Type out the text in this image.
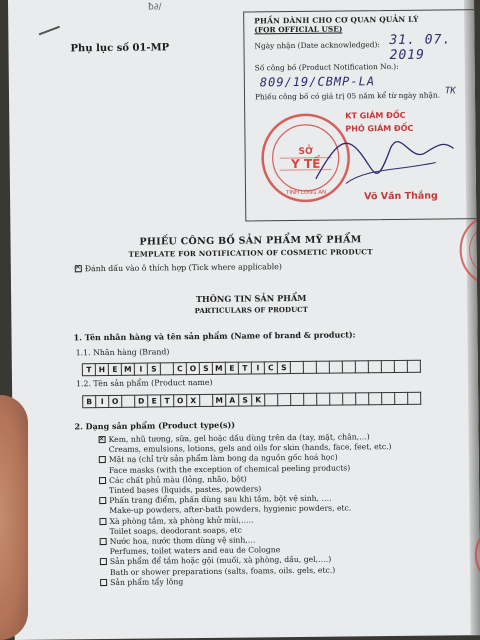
ƀ∂/
Phụ lục số 01-MP
PHẦN DÀNH CHO CƠ QUAN QUẢN LÝ
(FOR OFFICIAL USE)
Ngày nhận (Date acknowledged): 31. 07. 2019
Số công bố (Product Notification No.):
809/19/CBMP-LA
Phiếu công bố có giá trị 05 năm kể từ ngày nhận. TK
SỞ
Y TẾ
TỈNH LONG AN
KT GIÁM ĐỐC
PHÓ GIÁM ĐỐC
Võ Văn Thắng
PHIẾU CÔNG BỐ SẢN PHẨM MỸ PHẨM
TEMPLATE FOR NOTIFICATION OF COSMETIC PRODUCT
✕Đánh dấu vào ô thích hợp (Tick where applicable)
THÔNG TIN SẢN PHẨM
PARTICULARS OF PRODUCT
1. Tên nhãn hàng và tên sản phẩm (Name of brand & product):
1.1. Nhãn hàng (Brand)
T H E M	I	S	C O S M E	T	I	C S
1.2. Tên sản phẩm (Product name)
B	I	O	D E	T O X	M A S K
2. Dạng sản phẩm (Product type(s))
✕Kem, nhũ tương, sữa, gel hoặc dầu dùng trên da (tay, mặt, chân,…)
Creams, emulsions, lotions, gels and oils for skin (hands, face, feet, etc.)
Mặt nạ (chỉ trừ sản phẩm làm bong da nguồn gốc hoá học)
Face masks (with the exception of chemical peeling products)
Các chất phủ màu (lỏng, nhão, bột)
Tinted bases (liquids, pastes, powders)
Phấn trang điểm, phấn dùng sau khi tắm, bột vệ sinh, ….
Make-up powders, after-bath powders, hygienic powders, etc.
Xà phòng tắm, xà phòng khử mùi,…..
Toilet soaps, deodorant soaps, etc
Nước hoa, nước thơm dùng vệ sinh,…
Perfumes, toilet waters and eau de Cologne
Sản phẩm để tắm hoặc gội (muối, xà phòng, dầu, gel,….)
Bath or shower preparations (salts, foams, oils. gels, etc.)
Sản phẩm tẩy lông
